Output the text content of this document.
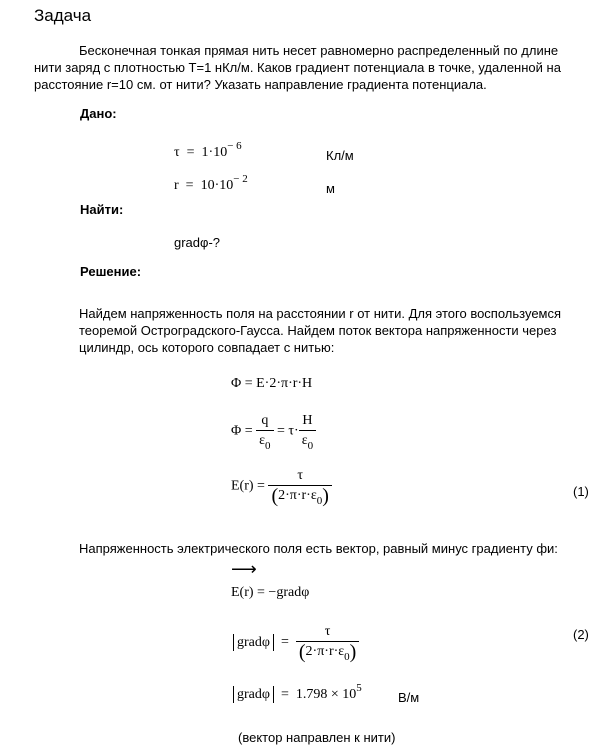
Задача
Бесконечная тонкая прямая нить несет равномерно распределенный по длине
нити заряд с плотностью T=1 нКл/м. Каков градиент потенциала в точке, удаленной на
расстояние r=10 см. от нити? Указать направление градиента потенциала.
Дано:
$\tau = 1\cdot 10^{- 6}$
Кл/м
$r = 10\cdot 10^{- 2}$
м
Найти:
gradφ-?
Решение:
Найдем напряженность поля на расстоянии r от нити. Для этого воспользуемся
теоремой Остроградского-Гаусса. Найдем поток вектора напряженности через
цилиндр, ось которого совпадает с нитью:
Φ = E·2·π·r·H
$\Phi = \frac{q}{\varepsilon_0} = \tau\cdot \frac{H}{\varepsilon_0}$
$E(r) = \frac{\tau}{(2\cdot\pi\cdot r\cdot\varepsilon_0)}$	(1)
Напряженность электрического поля есть вектор, равный минус градиенту фи:
⟶
E(r) = −gradφ
gradφ = $\frac{\tau}{(2\cdot\pi\cdot r\cdot\varepsilon_0)}$	(2)
gradφ = $1.798 \times 10^5$
В/м
(вектор направлен к нити)
